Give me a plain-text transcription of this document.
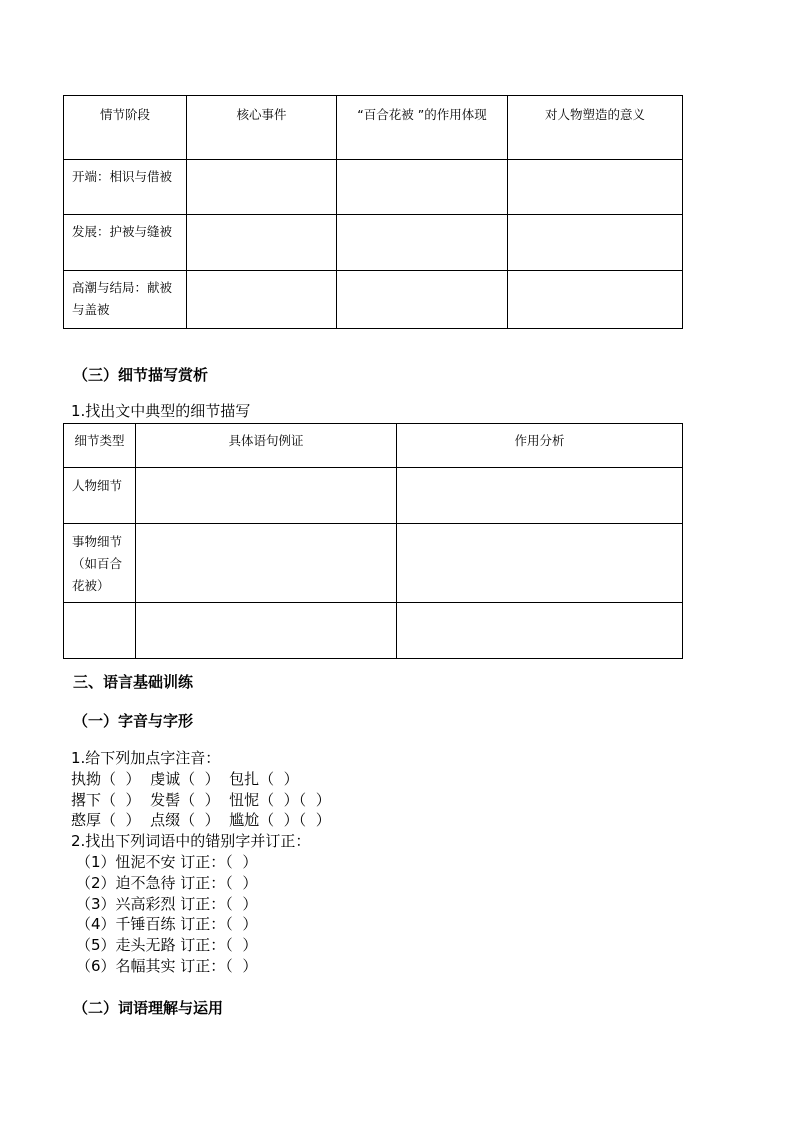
情节阶段	核心事件	“百合花被 ”的作用体现	对人物塑造的意义
开端：相识与借被			
发展：护被与缝被			
高潮与结局：献被与盖被			
（三）细节描写赏析
1.找出文中典型的细节描写
细节类型	具体语句例证	作用分析
人物细节		
事物细节（如百合花被）		

三、语言基础训练
（一）字音与字形
1.给下列加点字注音：
执拗（  ）  虔诚（  ）  包扎（  ）
撂下（  ）  发髻（  ）  忸怩（  ）（  ）
憨厚（  ）  点缀（  ）  尴尬（  ）（  ）
2.找出下列词语中的错别字并订正：
（1）忸泥不安 订正：（  ）
（2）迫不急待 订正：（  ）
（3）兴高彩烈 订正：（  ）
（4）千锤百练 订正：（  ）
（5）走头无路 订正：（  ）
（6）名幅其实 订正：（  ）
（二）词语理解与运用
